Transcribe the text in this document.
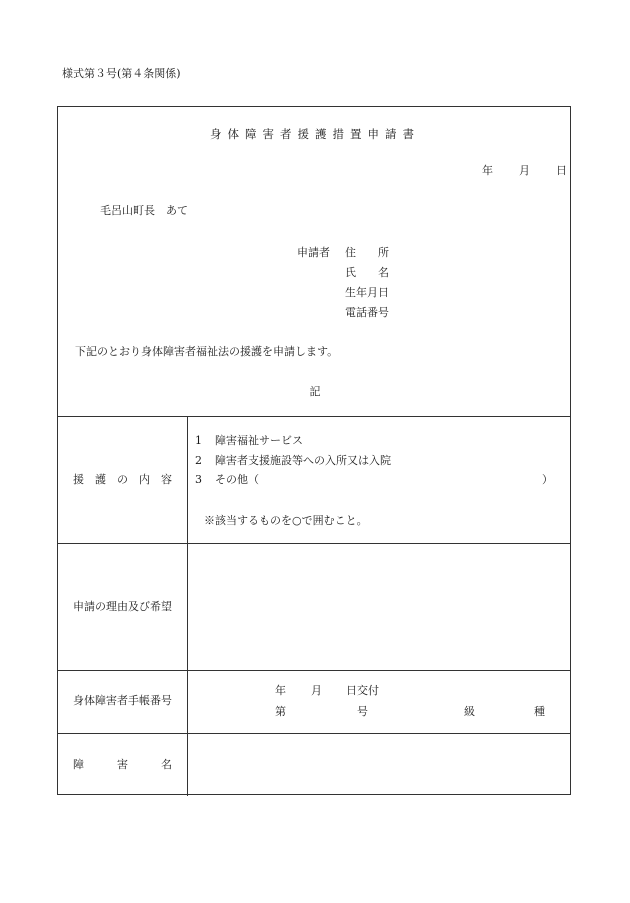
様式第３号(第４条関係)
身体障害者援護措置申請書
年 月 日
毛呂山町長　あて
申請者 住　　所
氏　　名
生年月日
電話番号
下記のとおり身体障害者福祉法の援護を申請します。
記
援　護　の　内　容
1 障害福祉サービス
2 障害者支援施設等への入所又は入院
3 その他（	）
※該当するものを○で囲むこと。
申請の理由及び希望
身体障害者手帳番号
年 月 日交付
第	号	級	種
障　　　害　　　名
